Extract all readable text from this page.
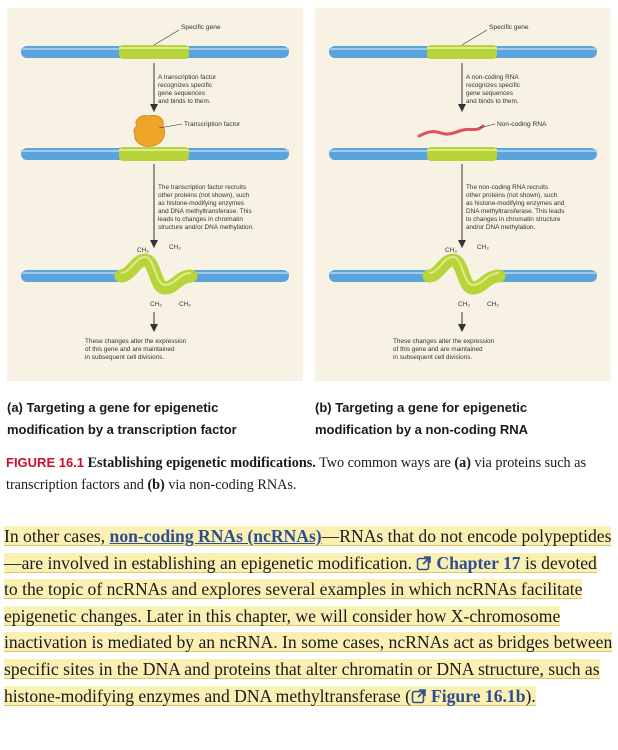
Specific gene
A transcription factor recognizes specific gene sequences and binds to them.
Transcription factor
The transcription factor recruits other proteins (not shown), such as histone-modifying enzymes and DNA methyltransferase. This leads to changes in chromatin structure and/or DNA methylation.
CH₃	CH₃
CH₃	CH₃
These changes alter the expression of this gene and are maintained in subsequent cell divisions.
Specific gene
A non-coding RNA recognizes specific gene sequences and binds to them.
Non-coding RNA
The non-coding RNA recruits other proteins (not shown), such as histone-modifying enzymes and DNA methyltransferase. This leads to changes in chromatin structure and/or DNA methylation.
CH₃	CH₃
CH₃	CH₃
These changes alter the expression of this gene and are maintained in subsequent cell divisions.
(a) Targeting a gene for epigenetic
modification by a transcription factor
(b) Targeting a gene for epigenetic
modification by a non-coding RNA
FIGURE 16.1 Establishing epigenetic modifications. Two common ways are (a) via proteins such as transcription factors and (b) via non-coding RNAs.
In other cases, non-coding RNAs (ncRNAs)—RNAs that do not encode polypeptides—are involved in establishing an epigenetic modification. Chapter 17 is devoted to the topic of ncRNAs and explores several examples in which ncRNAs facilitate epigenetic changes. Later in this chapter, we will consider how X-chromosome inactivation is mediated by an ncRNA. In some cases, ncRNAs act as bridges between specific sites in the DNA and proteins that alter chromatin or DNA structure, such as histone-modifying enzymes and DNA methyltransferase ( Figure 16.1b).
